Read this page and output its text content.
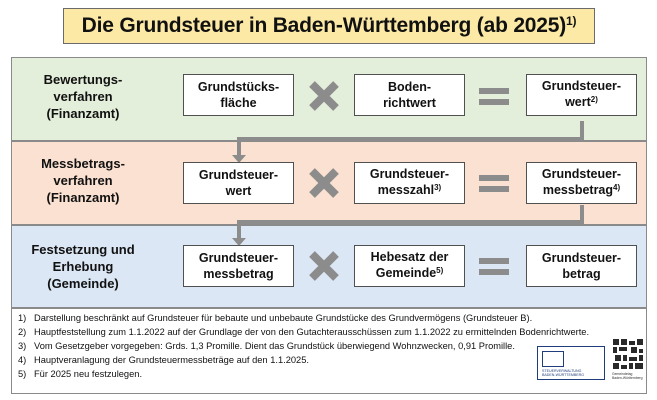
Die Grundsteuer in Baden-Württemberg (ab 2025)$^{1)}$
Bewertungs-
verfahren
(Finanzamt)
Grundstücks-
fläche
Boden-
richtwert
Grundsteuer-
wert$^{2)}$
Messbetrags-
verfahren
(Finanzamt)
Grundsteuer-
wert
Grundsteuer-
messzahl$^{3)}$
Grundsteuer-
messbetrag$^{4)}$
Festsetzung und
Erhebung
(Gemeinde)
Grundsteuer-
messbetrag
Hebesatz der
Gemeinde$^{5)}$
Grundsteuer-
betrag
1) Darstellung beschränkt auf Grundsteuer für bebaute und unbebaute Grundstücke des Grundvermögens (Grundsteuer B).
2) Hauptfeststellung zum 1.1.2022 auf der Grundlage der von den Gutachterausschüssen zum 1.1.2022 zu ermittelnden Bodenrichtwerte.
3) Vom Gesetzgeber vorgegeben: Grds. 1,3 Promille. Dient das Grundstück überwiegend Wohnzwecken, 0,91 Promille.
4) Hauptveranlagung der Grundsteuermessbeträge auf den 1.1.2025.
5) Für 2025 neu festzulegen.	STEUERVERWALTUNG
BADEN-WÜRTTEMBERG	Gemeindetag
Baden-Württemberg
